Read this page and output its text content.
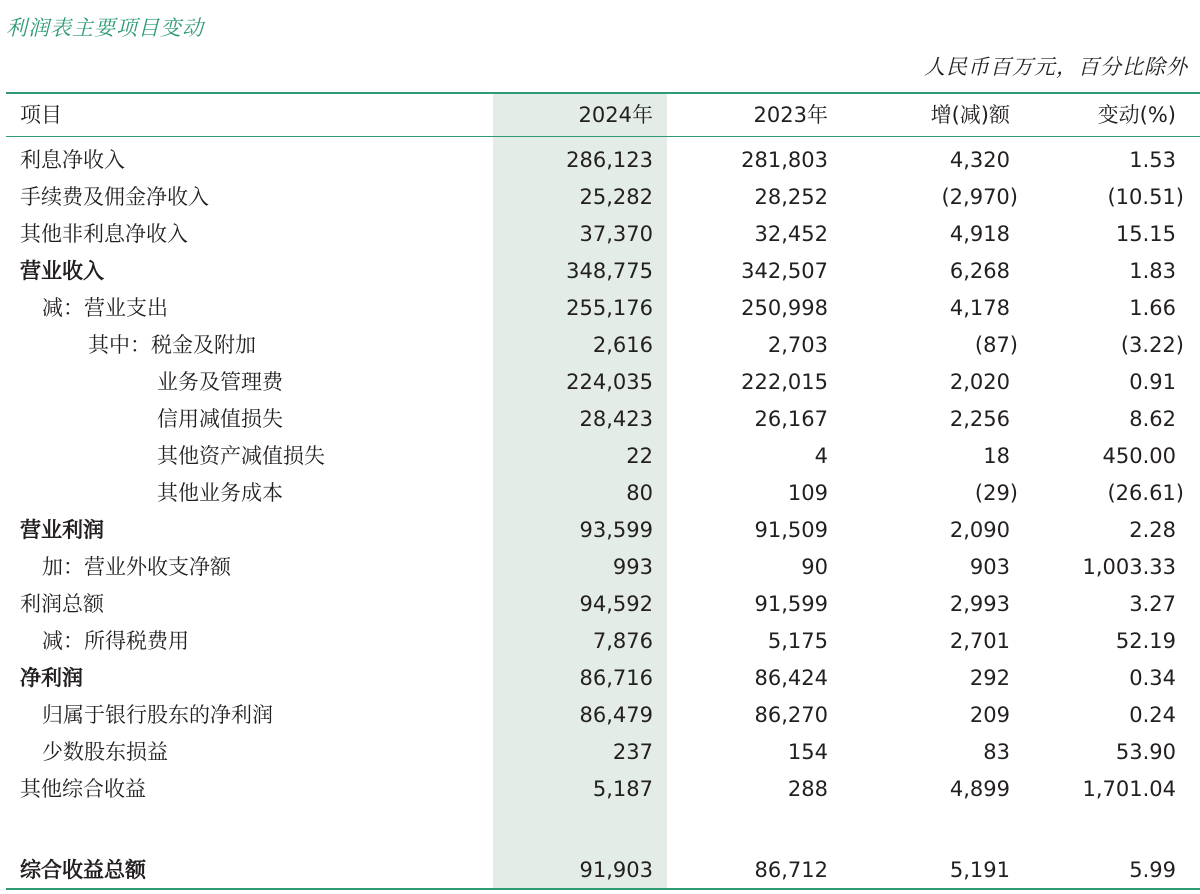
利润表主要项目变动
人民币百万元，百分比除外
项目	2024年	2023年	增(减)额	变动(%)
利息净收入	286,123	281,803	4,320	1.53
手续费及佣金净收入	25,282	28,252	(2,970)	(10.51)
其他非利息净收入	37,370	32,452	4,918	15.15
营业收入	348,775	342,507	6,268	1.83
减：营业支出	255,176	250,998	4,178	1.66
其中：税金及附加	2,616	2,703	(87)	(3.22)
业务及管理费	224,035	222,015	2,020	0.91
信用减值损失	28,423	26,167	2,256	8.62
其他资产减值损失	22	4	18	450.00
其他业务成本	80	109	(29)	(26.61)
营业利润	93,599	91,509	2,090	2.28
加：营业外收支净额	993	90	903	1,003.33
利润总额	94,592	91,599	2,993	3.27
减：所得税费用	7,876	5,175	2,701	52.19
净利润	86,716	86,424	292	0.34
归属于银行股东的净利润	86,479	86,270	209	0.24
少数股东损益	237	154	83	53.90
其他综合收益	5,187	288	4,899	1,701.04
综合收益总额	91,903	86,712	5,191	5.99
